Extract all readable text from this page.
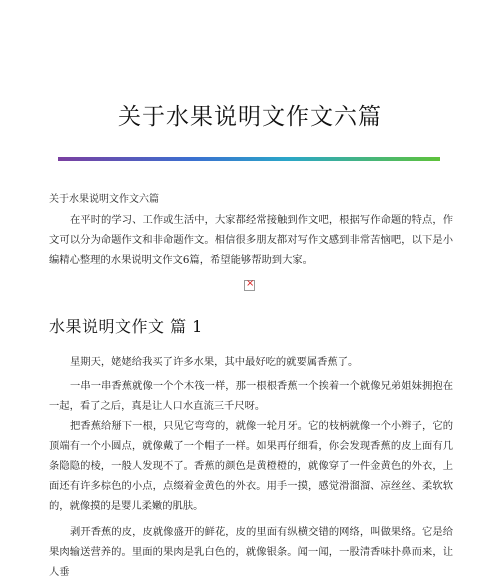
关于水果说明文作文六篇
关于水果说明文作文六篇

在平时的学习、工作或生活中，大家都经常接触到作文吧，根据写作命题的特点，作文可以分为命题作文和非命题作文。相信很多朋友都对写作文感到非常苦恼吧，以下是小编精心整理的水果说明文作文6篇，希望能够帮助到大家。

×
水果说明文作文 篇 1

星期天，姥姥给我买了许多水果，其中最好吃的就要属香蕉了。

一串一串香蕉就像一个个木筏一样，那一根根香蕉一个挨着一个就像兄弟姐妹拥抱在一起，看了之后，真是让人口水直流三千尺呀。

把香蕉给掰下一根，只见它弯弯的，就像一轮月牙。它的枝柄就像一个小辫子，它的顶端有一个小圆点，就像戴了一个帽子一样。如果再仔细看，你会发现香蕉的皮上面有几条隐隐的棱，一般人发现不了。香蕉的颜色是黄橙橙的，就像穿了一件金黄色的外衣，上面还有许多棕色的小点，点缀着金黄色的外衣。用手一摸，感觉滑溜溜、凉丝丝、柔软软的，就像摸的是婴儿柔嫩的肌肤。

剥开香蕉的皮，皮就像盛开的鲜花，皮的里面有纵横交错的网络，叫做果络。它是给果肉输送营养的。里面的果肉是乳白色的，就像银条。闻一闻，一股清香味扑鼻而来，让人垂
